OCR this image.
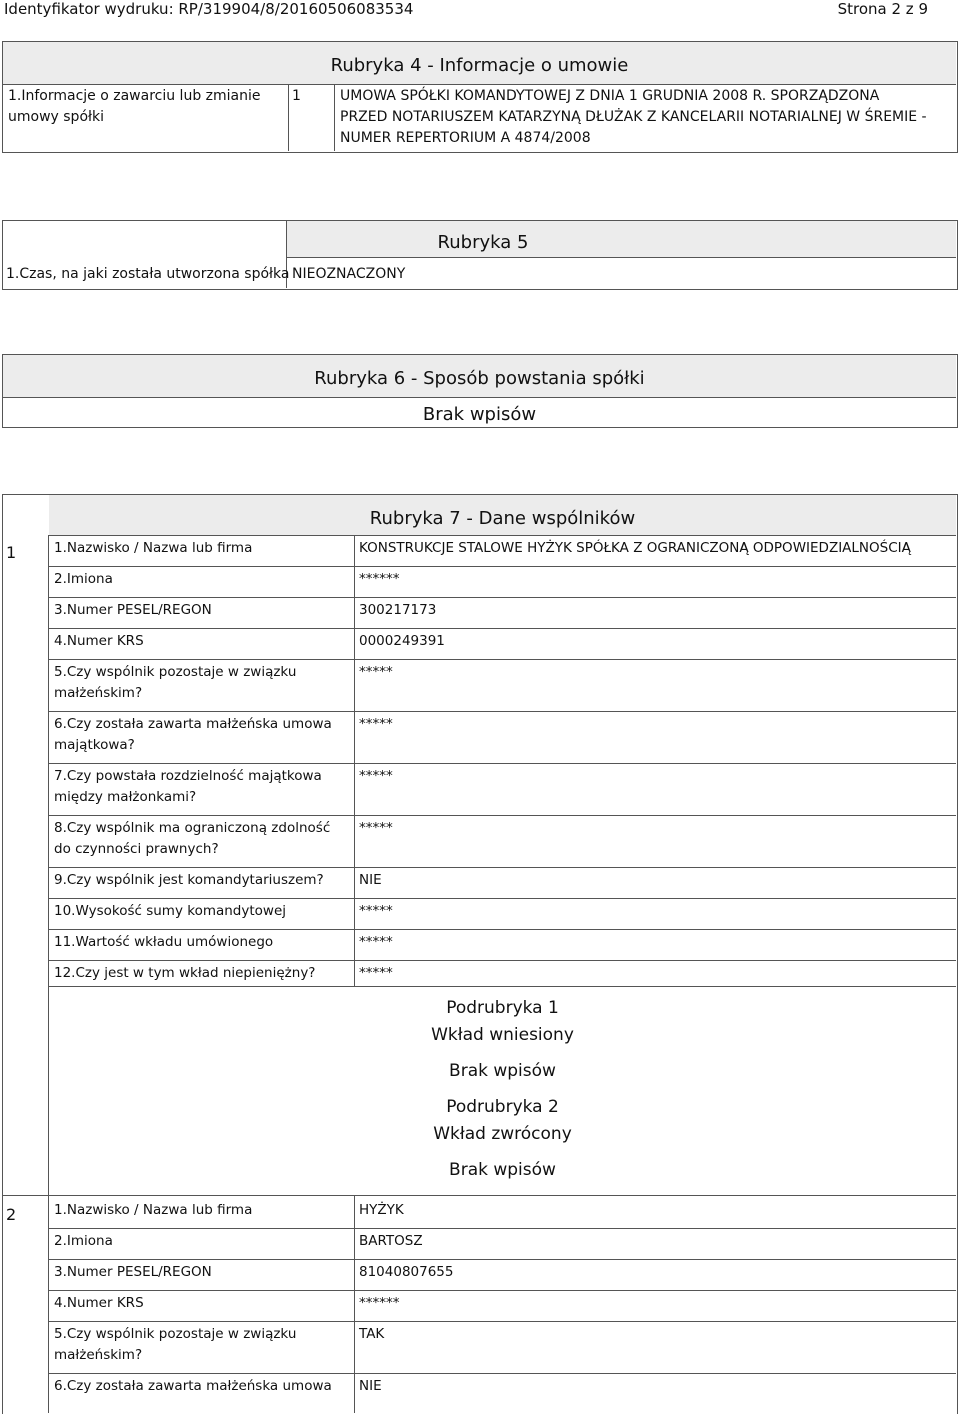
Identyfikator wydruku: RP/319904/8/20160506083534	Strona 2 z 9
Rubryka 4 - Informacje o umowie
1.Informacje o zawarciu lub zmianie umowy spółki
1	UMOWA SPÓŁKI KOMANDYTOWEJ Z DNIA 1 GRUDNIA 2008 R. SPORZĄDZONA PRZED NOTARIUSZEM KATARZYNĄ DŁUŻAK Z KANCELARII NOTARIALNEJ W ŚREMIE - NUMER REPERTORIUM A 4874/2008
Rubryka 5
1.Czas, na jaki została utworzona spółka NIEOZNACZONY
Rubryka 6 - Sposób powstania spółki
Brak wpisów
Rubryka 7 - Dane wspólników
1	1.Nazwisko / Nazwa lub firma	KONSTRUKCJE STALOWE HYŻYK SPÓŁKA Z OGRANICZONĄ ODPOWIEDZIALNOŚCIĄ
2.Imiona	******
3.Numer PESEL/REGON	300217173
4.Numer KRS	0000249391
5.Czy wspólnik pozostaje w związku małżeńskim?
*****
6.Czy została zawarta małżeńska umowa majątkowa?
*****
7.Czy powstała rozdzielność majątkowa między małżonkami?
*****
8.Czy wspólnik ma ograniczoną zdolność do czynności prawnych?
*****
9.Czy wspólnik jest komandytariuszem?	NIE
10.Wysokość sumy komandytowej	*****
11.Wartość wkładu umówionego	*****
12.Czy jest w tym wkład niepieniężny?	*****
Podrubryka 1
Wkład wniesiony
Brak wpisów
Podrubryka 2
Wkład zwrócony
Brak wpisów
2	1.Nazwisko / Nazwa lub firma	HYŻYK
2.Imiona	BARTOSZ
3.Numer PESEL/REGON	81040807655
4.Numer KRS	******
5.Czy wspólnik pozostaje w związku małżeńskim?
TAK
6.Czy została zawarta małżeńska umowa	NIE
